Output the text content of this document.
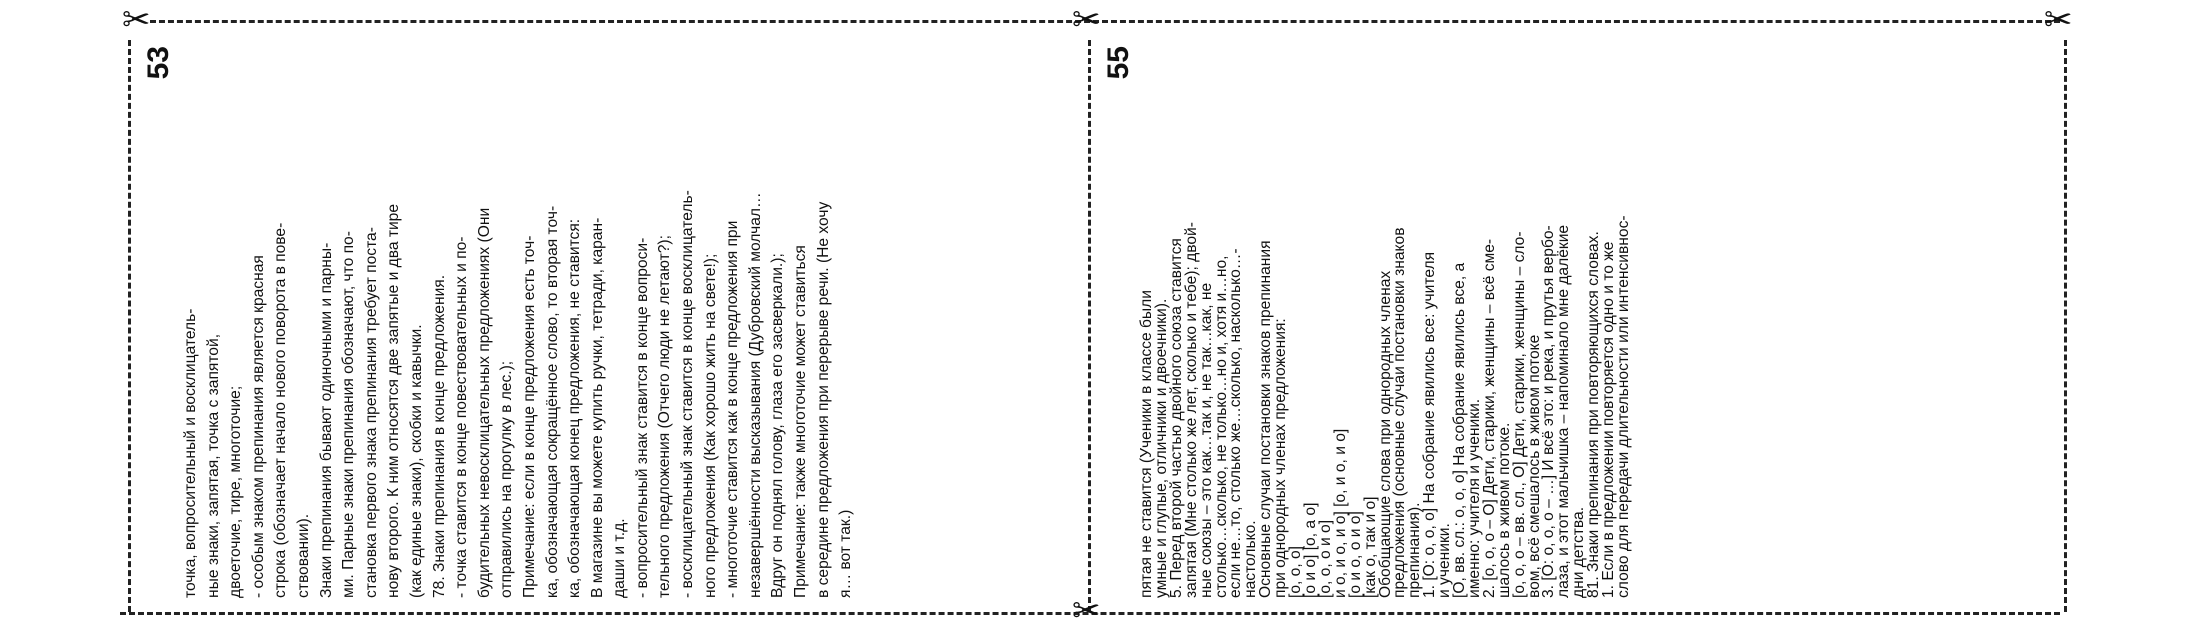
✂	✂	✂
✂
53
точка, вопросительный и восклицатель- ные знаки, запятая, точка с запятой, двоеточие, тире, многоточие; - особым знаком препинания является красная строка (обозначает начало нового поворота в пове- ствовании). Знаки препинания бывают одиночными и парны- ми. Парные знаки препинания обозначают, что по- становка первого знака препинания требует поста- нову второго. К ним относятся две запятые и два тире (как единые знаки), скобки и кавычки. 78. Знаки препинания в конце предложения. - точка ставится в конце повествовательных и по- будительных невосклицательных предложениях (Они отправились на прогулку в лес.); Примечание: если в конце предложения есть точ- ка, обозначающая сокращённое слово, то вторая точ- ка, обозначающая конец предложения, не ставится: В магазине вы можете купить ручки, тетради, каран- даши и т.д. - вопросительный знак ставится в конце вопроси- тельного предложения (Отчего люди не летают?); - восклицательный знак ставится в конце восклицатель- ного предложения (Как хорошо жить на свете!); - многоточие ставится как в конце предложения при незавершённости высказывания (Дубровский молчал… Вдруг он поднял голову, глаза его засверкали.); Примечание: также многоточие может ставиться в середине предложения при перерыве речи. (Не хочу я… вот так.)
55
пятая не ставится (Ученики в классе были
умные и глупые, отличники и двоечники).
5. Перед второй частью двойного союза ставится
запятая (Мне столько же лет, сколько и тебе); двой-
ные союзы – это как…так и, не так…как, не
столько…сколько, не только…но и, хотя и…но,
если не…то, столько же…сколько, насколько…-
настолько.
Основные случаи постановки знаков препинания
при однородных членах предложения:
[о, о, о]
[о и о] [о, а о]
[о, о, о и о]
и о, и о, и о] [о, и о, и о]
[о и о, о и о]
[как о, так и о]
Обобщающие слова при однородных членах
предложения (основные случаи постановки знаков
препинания).
1. [О: о, о, о] На собрание явились все: учителя
и ученики.
[О, вв. сл.: о, о, о] На собрание явились все, а
именно: учителя и ученики.
2. [о, о, о – О] Дети, старики, женщины – всё сме-
шалось в живом потоке.
[о, о, о – вв. сл., О] Дети, старики, женщины – сло-
вом, всё смешалось в живом потоке
3. [О: о, о, о – …] И всё это: и река, и прутья вербо-
лаза, и этот мальчишка – напоминало мне далёкие
дни детства.
81. Знаки препинания при повторяющихся словах.
1. Если в предложении повторяется одно и то же
слово для передачи длительности или интенсивнос-
